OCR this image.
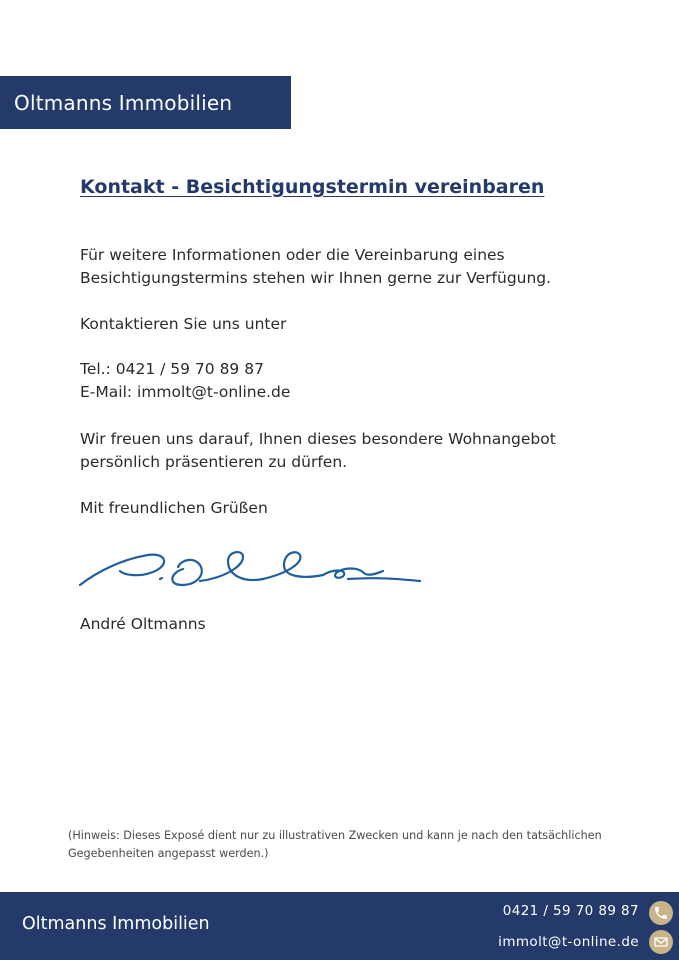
Oltmanns Immobilien
Kontakt - Besichtigungstermin vereinbaren

Für weitere Informationen oder die Vereinbarung eines

Besichtigungstermins stehen wir Ihnen gerne zur Verfügung.

Kontaktieren Sie uns unter

Tel.: 0421 / 59 70 89 87

E-Mail: immolt@t-online.de

Wir freuen uns darauf, Ihnen dieses besondere Wohnangebot

persönlich präsentieren zu dürfen.

Mit freundlichen Grüßen

André Oltmanns
(Hinweis: Dieses Exposé dient nur zu illustrativen Zwecken und kann je nach den tatsächlichen
Gegebenheiten angepasst werden.)
Oltmanns Immobilien
0421 / 59 70 89 87
immolt@t-online.de
